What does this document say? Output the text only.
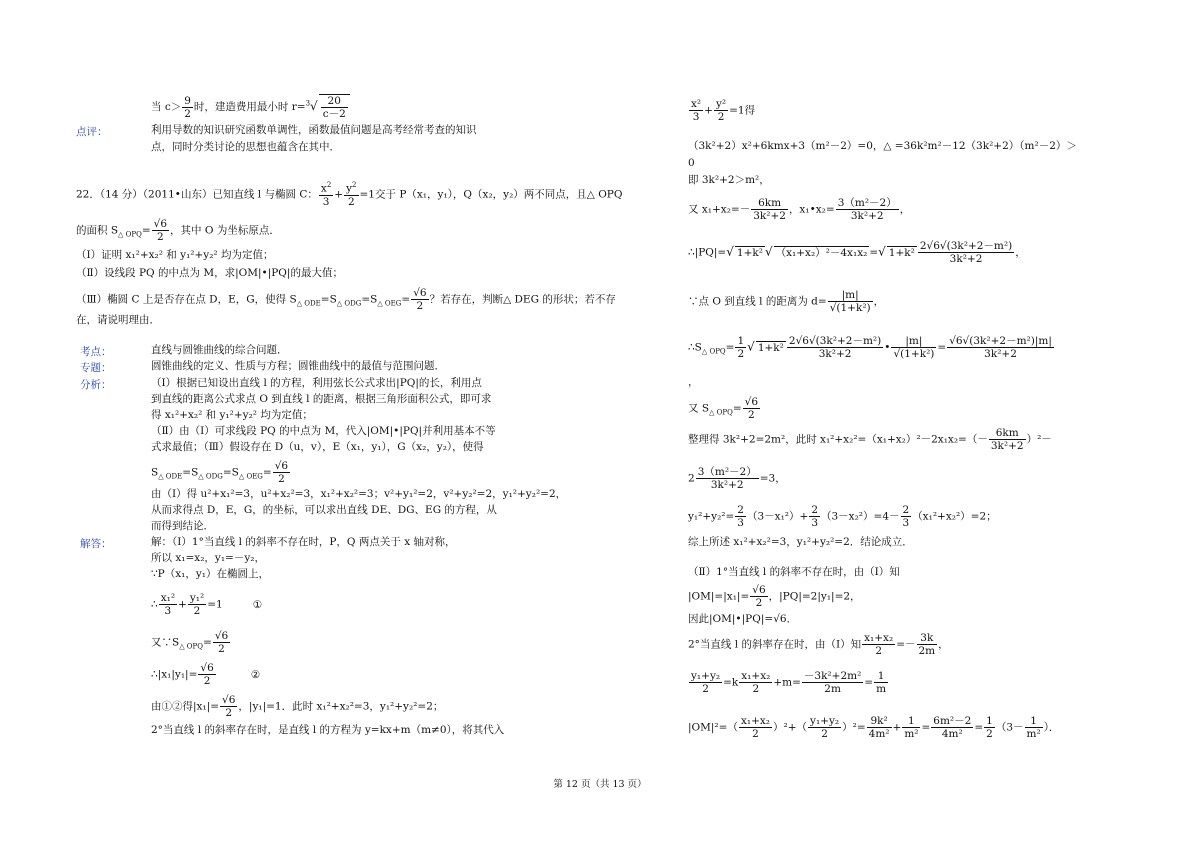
当 $c> \frac{9}{2}$ 时，建造费用最小时 $r=^3√ \frac{20}{c-2}$
点评：	利用导数的知识研究函数单调性，函数最值问题是高考经常考查的知识
点，同时分类讨论的思想也蕴含在其中．
22．（14 分）（2011•山东）已知直线 l 与椭圆 C： $\frac{x^2}{3} + \frac{y^2}{2} =1$交于 P（x₁，y₁），Q（x₂，y₂）两不同点，且△ OPQ
的面积 $S_{\triangle OPQ}= \frac{√6}{2}$ ，其中 O 为坐标原点．
（Ⅰ）证明 x₁²+x₂² 和 y₁²+y₂² 均为定值；
（Ⅱ）设线段 PQ 的中点为 M，求|OM|•|PQ|的最大值；
（Ⅲ）椭圆 C 上是否存在点 D，E，G，使得 $S_{\triangle ODE}=S_{\triangle ODG}=S_{\triangle OEG}= \frac{√6}{2}$ ？若存在，判断△ DEG 的形状；若不存
在，请说明理由．
考点：	直线与圆锥曲线的综合问题．
专题：	圆锥曲线的定义、性质与方程；圆锥曲线中的最值与范围问题．
分析：	（Ⅰ）根据已知设出直线 l 的方程，利用弦长公式求出|PQ|的长，利用点
到直线的距离公式求点 O 到直线 l 的距离，根据三角形面积公式，即可求
得 x₁²+x₂² 和 y₁²+y₂² 均为定值；
（Ⅱ）由（Ⅰ）可求线段 PQ 的中点为 M，代入|OM|•|PQ|并利用基本不等
式求最值；（Ⅲ）假设存在 D（u，v），E（x₁，y₁），G（x₂，y₂），使得
$S_{\triangle ODE}=S_{\triangle ODG}=S_{\triangle OEG}= \frac{√6}{2}$
由（Ⅰ）得 u²+x₁²=3，u²+x₂²=3，x₁²+x₂²=3；v²+y₁²=2，v²+y₂²=2，y₁²+y₂²=2，
从而求得点 D，E，G，的坐标，可以求出直线 DE、DG、EG 的方程，从
而得到结论．
解答：	解：（Ⅰ）1°当直线 l 的斜率不存在时，P，Q 两点关于 x 轴对称，
所以 x₁=x₂，y₁=－y₂，
∵P（x₁，y₁）在椭圆上，
∴ $\frac{\text{x₁²}}{3} + \frac{\text{y₁²}}{2} =1$	①
又$\because S_{\triangle OPQ}= \frac{√6}{2}$
∴|x₁|y₁|= $\frac{√6}{2}$	②
由①②得$|x_1|= \frac{√6}{2}$ ，|y₁|=1．此时 x₁²+x₂²=3，y₁²+y₂²=2；
2°当直线 l 的斜率存在时，是直线 l 的方程为 y=kx+m（m≠0），将其代入
$\frac{\text{x²}}{3} + \frac{\text{y²}}{2} =1$得
（3k²+2）x²+6kmx+3（m²－2）=0，△ =36k²m²－12（3k²+2）（m²－2）＞
0
即 3k²+2＞m²，
又 $x_1+x_2=- \frac{6km}{\text{3k²+2}}$ ，x₁•x₂= $\frac{\text{3（m²－2）}}{\text{3k²+2}}$ ，
∴|PQ|=√ 1+k² √ （x₁+x₂）²－4x₁x₂ =√ $1+k^2 \frac{\text{2√6√(3k²+2－m²)}}{\text{3k²+2}}$ ，
∵点 O 到直线 l 的距离为 $d= \frac{|m|}{\text{√(1+k²)}}$ ，
$\therefore S_{\triangle OPQ}= \frac{1}{2}$ √ $1+k^2 \frac{\text{2√6√(3k²+2－m²)}}{\text{3k²+2}}$ • $\frac{|m|}{\text{√(1+k²)}} = \frac{\text{√6√(3k²+2－m²)|m|}}{\text{3k²+2}}$
，
又 $S_{\triangle OPQ}= \frac{√6}{2}$
整理得 3k²+2=2m²，此时 $x_1^2+x_2^2=(x_1+x_2)^2-2x_1x_2=(- \frac{6km}{\text{3k²+2}} )^2-$
$2 \frac{\text{3（m²－2）}}{\text{3k²+2}} =3$，
$y_1^2+y_2^2= \frac{2}{3} (3-x_1^2)+ \frac{2}{3} (3-x_2^2)=4- \frac{2}{3} (x_1^2+x_2^2)=2$；
综上所述 x₁²+x₂²=3，y₁²+y₂²=2．结论成立．
（Ⅱ）1°当直线 l 的斜率不存在时，由（Ⅰ）知
$|OM|=|x_1|= \frac{√6}{2}$ ，|PQ|=2|y₁|=2，
因此|OM|•|PQ|=√6．
2°当直线 l 的斜率存在时，由（Ⅰ）知 $\frac{\text{x₁+x₂}}{2} =- \frac{3k}{2m}$ ，
$\frac{\text{y₁+y₂}}{2} =k \frac{\text{x₁+x₂}}{2} +m= \frac{\text{－3k²+2m²}}{2m} = \frac{1}{m}$
$|OM|^2=( \frac{\text{x₁+x₂}}{2} )^2+( \frac{\text{y₁+y₂}}{2} )^2= \frac{\text{9k²}}{\text{4m²}} + \frac{1}{\text{m²}} = \frac{\text{6m²－2}}{\text{4m²}} = \frac{1}{2} (3- \frac{1}{\text{m²}}$ ）．
第 12 页（共 13 页）
